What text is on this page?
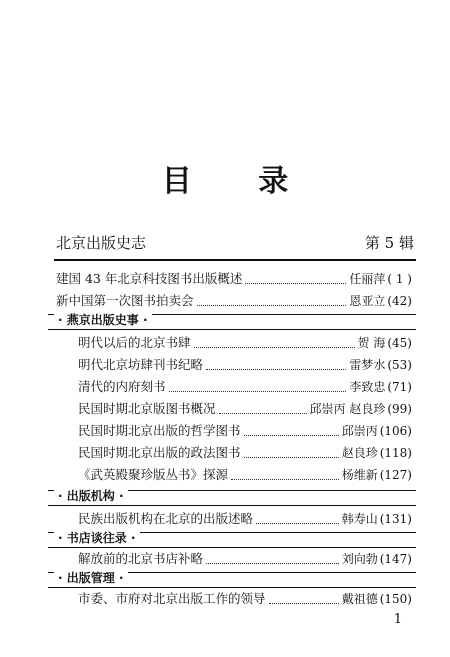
目 录
北京出版史志	第 5 辑
建国 43 年北京科技图书出版概述	任丽萍 ( 1 )
新中国第一次图书拍卖会	恩亚立 (42)
· 燕京出版史事 ·
明代以后的北京书肆	贺 海 (45)
明代北京坊肆刊书纪略	雷梦水 (53)
清代的内府刻书	李致忠 (71)
民国时期北京版图书概况	邱崇丙 赵良珍 (99)
民国时期北京出版的哲学图书	邱崇丙 (106)
民国时期北京出版的政法图书	赵良珍 (118)
《武英殿聚珍版丛书》探源	杨维新 (127)
· 出版机构 ·
民族出版机构在北京的出版述略	韩寿山 (131)
· 书店谈往录 ·
解放前的北京书店补略	刘向勃 (147)
· 出版管理 ·
市委、市府对北京出版工作的领导	戴祖德 (150)
1
